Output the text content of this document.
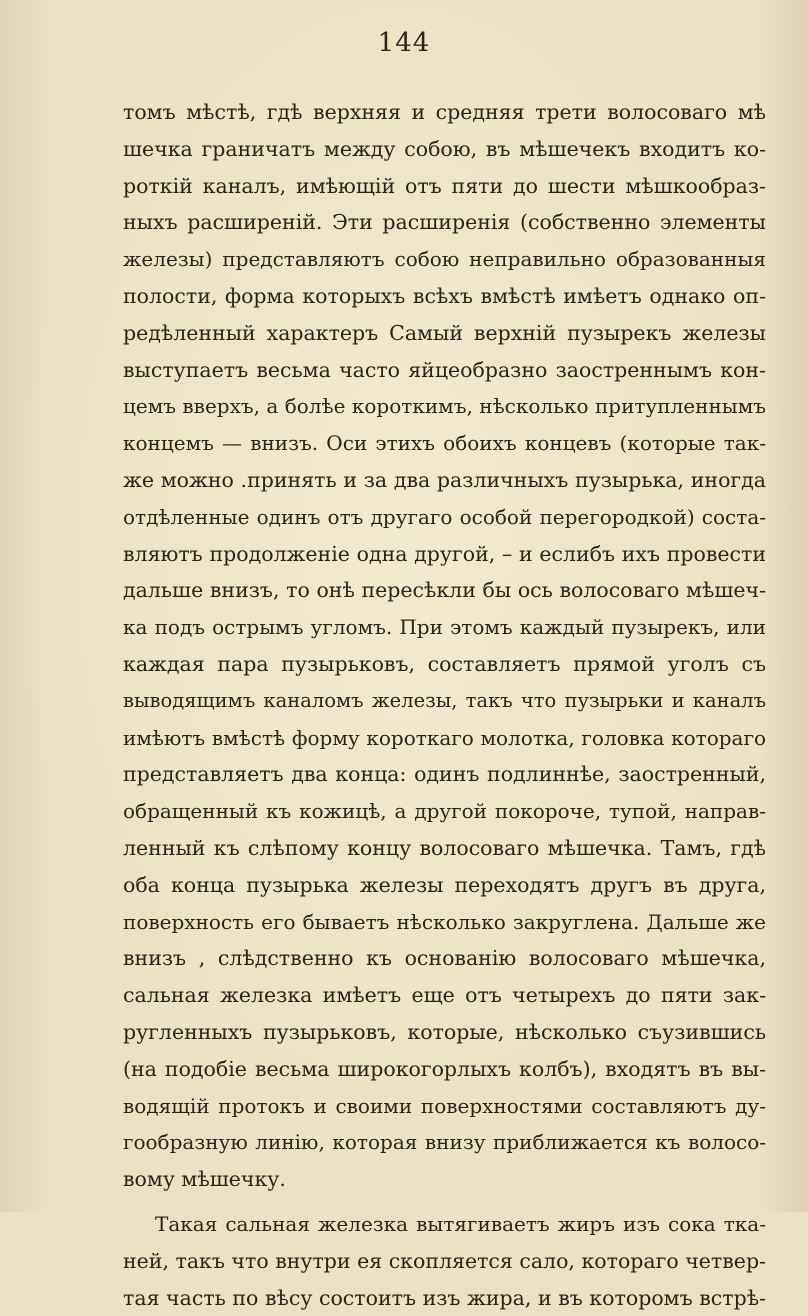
144
томъ мѣстѣ, гдѣ верхняя и средняя трети волосоваго мѣ
шечка граничатъ между собою, въ мѣшечекъ входитъ ко-
роткій каналъ, имѣющій отъ пяти до шести мѣшкообраз-
ныхъ расширеній. Эти расширенія (собственно элементы
железы) представляютъ собою неправильно образованныя
полости, форма которыхъ всѣхъ вмѣстѣ имѣетъ однако оп-
редѣленный характеръ Самый верхній пузырекъ железы
выступаетъ весьма часто яйцеобразно заостреннымъ кон-
цемъ вверхъ, а болѣе короткимъ, нѣсколько притупленнымъ
концемъ — внизъ. Оси этихъ обоихъ концевъ (которые так-
же можно .принять и за два различныхъ пузырька, иногда
отдѣленные одинъ отъ другаго особой перегородкой) соста-
вляютъ продолженіе одна другой, – и еслибъ ихъ провести
дальше внизъ, то онѣ пересѣкли бы ось волосоваго мѣшеч-
ка подъ острымъ угломъ. При этомъ каждый пузырекъ, или
каждая пара пузырьковъ, составляетъ прямой уголъ съ
выводящимъ каналомъ железы, такъ что пузырьки и каналъ
имѣютъ вмѣстѣ форму короткаго молотка, головка котораго
представляетъ два конца: одинъ подлиннѣе, заостренный,
обращенный къ кожицѣ, а другой покороче, тупой, направ-
ленный къ слѣпому концу волосоваго мѣшечка. Тамъ, гдѣ
оба конца пузырька железы переходятъ другъ въ друга,
поверхность его бываетъ нѣсколько закруглена. Дальше же
внизъ , слѣдственно къ основанію волосоваго мѣшечка,
сальная железка имѣетъ еще отъ четырехъ до пяти зак-
ругленныхъ пузырьковъ, которые, нѣсколько съузившись
(на подобіе весьма широкогорлыхъ колбъ), входятъ въ вы-
водящій протокъ и своими поверхностями составляютъ ду-
гообразную линію, которая внизу приближается къ волосо-
вому мѣшечку.
Такая сальная железка вытягиваетъ жиръ изъ сока тка-
ней, такъ что внутри ея скопляется сало, котораго четвер-
тая часть по вѣсу состоитъ изъ жира, и въ которомъ встрѣ-
